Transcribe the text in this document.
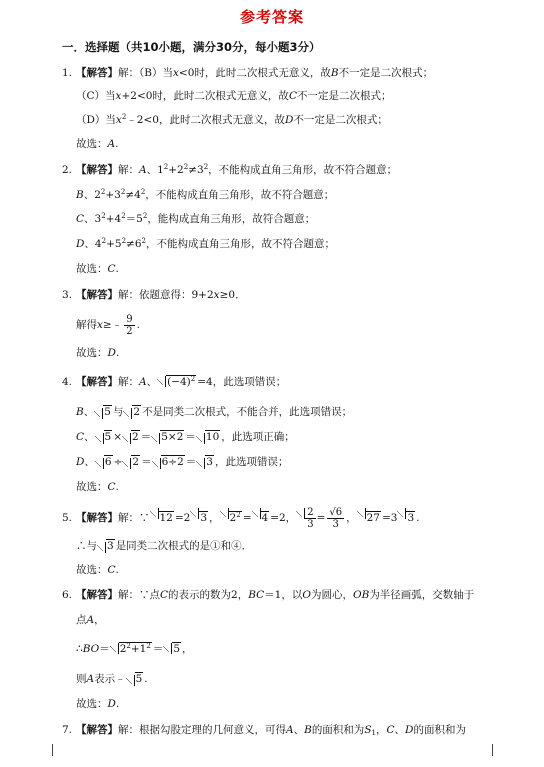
参考答案
一．选择题（共10小题，满分30分，每小题3分）
1. 【解答】解：（B）当x<0时，此时二次根式无意义，故B不一定是二次根式；
（C）当x+2<0时，此时二次根式无意义，故C不一定是二次根式；
（D）当$x^2﹣2<0$，此时二次根式无意义，故D不一定是二次根式；
故选：A.
2. 【解答】解：A、$1^2+2^2\ne 3^2$，不能构成直角三角形，故不符合题意；
B、$2^2+3^2\ne 4^2$，不能构成直角三角形，故不符合题意；
C、$3^2+4^2=5^2$，能构成直角三角形，故符合题意；
D、$4^2+5^2\ne 6^2$，不能构成直角三角形，故不符合题意；
故选：C.
3. 【解答】解：依题意得：9+2x≥0．
解得x≥﹣ $\frac{9}{2}$ .
故选：D.
4. 【解答】解：A、 $(-4)^2 =4$，此选项错误；
B、 5 与 2 不是同类二次根式，不能合并，此选项错误；
C、 5 × 2 ＝ 5×2 ＝ 10 ，此选项正确；
D、 6 ÷ 2 ＝ 6÷2 ＝ 3 ，此选项错误；
故选：C.
5. 【解答】解：∵ 12 =2 3 ， $2^2 = 4 =2$， $\frac{2}{3} = \frac{√6}{3}$ ， 27 =3 3 .
∴与 3 是同类二次根式的是①和④．
故选：C.
6. 【解答】解：∵点C的表示的数为2，BC＝1，以O为圆心，OB为半径画弧，交数轴于
点A，
∴BO＝ $2^2+1^2 = 5$ ，
则A表示﹣ 5 .
故选：D.
7. 【解答】解：根据勾股定理的几何意义，可得A、B的面积和为$S_1$，C、D的面积和为
